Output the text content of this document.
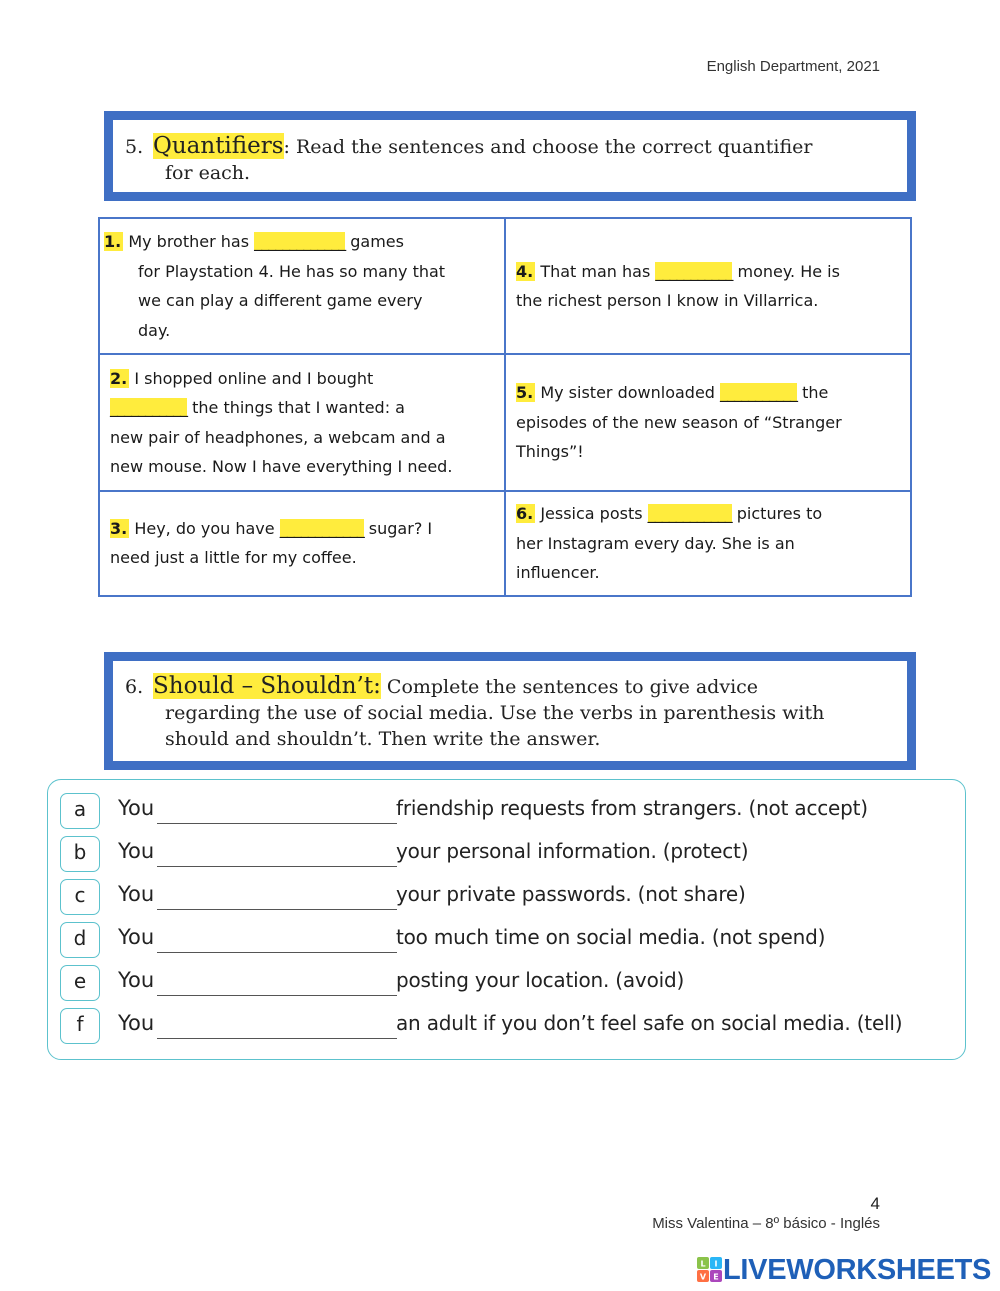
English Department, 2021
5. Quantifiers: Read the sentences and choose the correct quantifier
for each.
1. My brother has _____________ games
for Playstation 4. He has so many that
we can play a different game every
day.	4. That man has ___________ money. He is
the richest person I know in Villarrica.
2. I shopped online and I bought
___________ the things that I wanted: a
new pair of headphones, a webcam and a
new mouse. Now I have everything I need.	5. My sister downloaded ___________ the
episodes of the new season of “Stranger
Things”!
3. Hey, do you have ____________ sugar? I
need just a little for my coffee.	6. Jessica posts ____________ pictures to
her Instagram every day. She is an
influencer.
6. Should – Shouldn’t: Complete the sentences to give advice
regarding the use of social media. Use the verbs in parenthesis with
should and shouldn’t. Then write the answer.
a	You	friendship requests from strangers. (not accept)
b	You	your personal information. (protect)
c	You	your private passwords. (not share)
d	You	too much time on social media. (not spend)
e	You	posting your location. (avoid)
f	You	an adult if you don’t feel safe on social media. (tell)
4
Miss Valentina – 8º básico - Inglés
L I
V E LIVEWORKSHEETS
